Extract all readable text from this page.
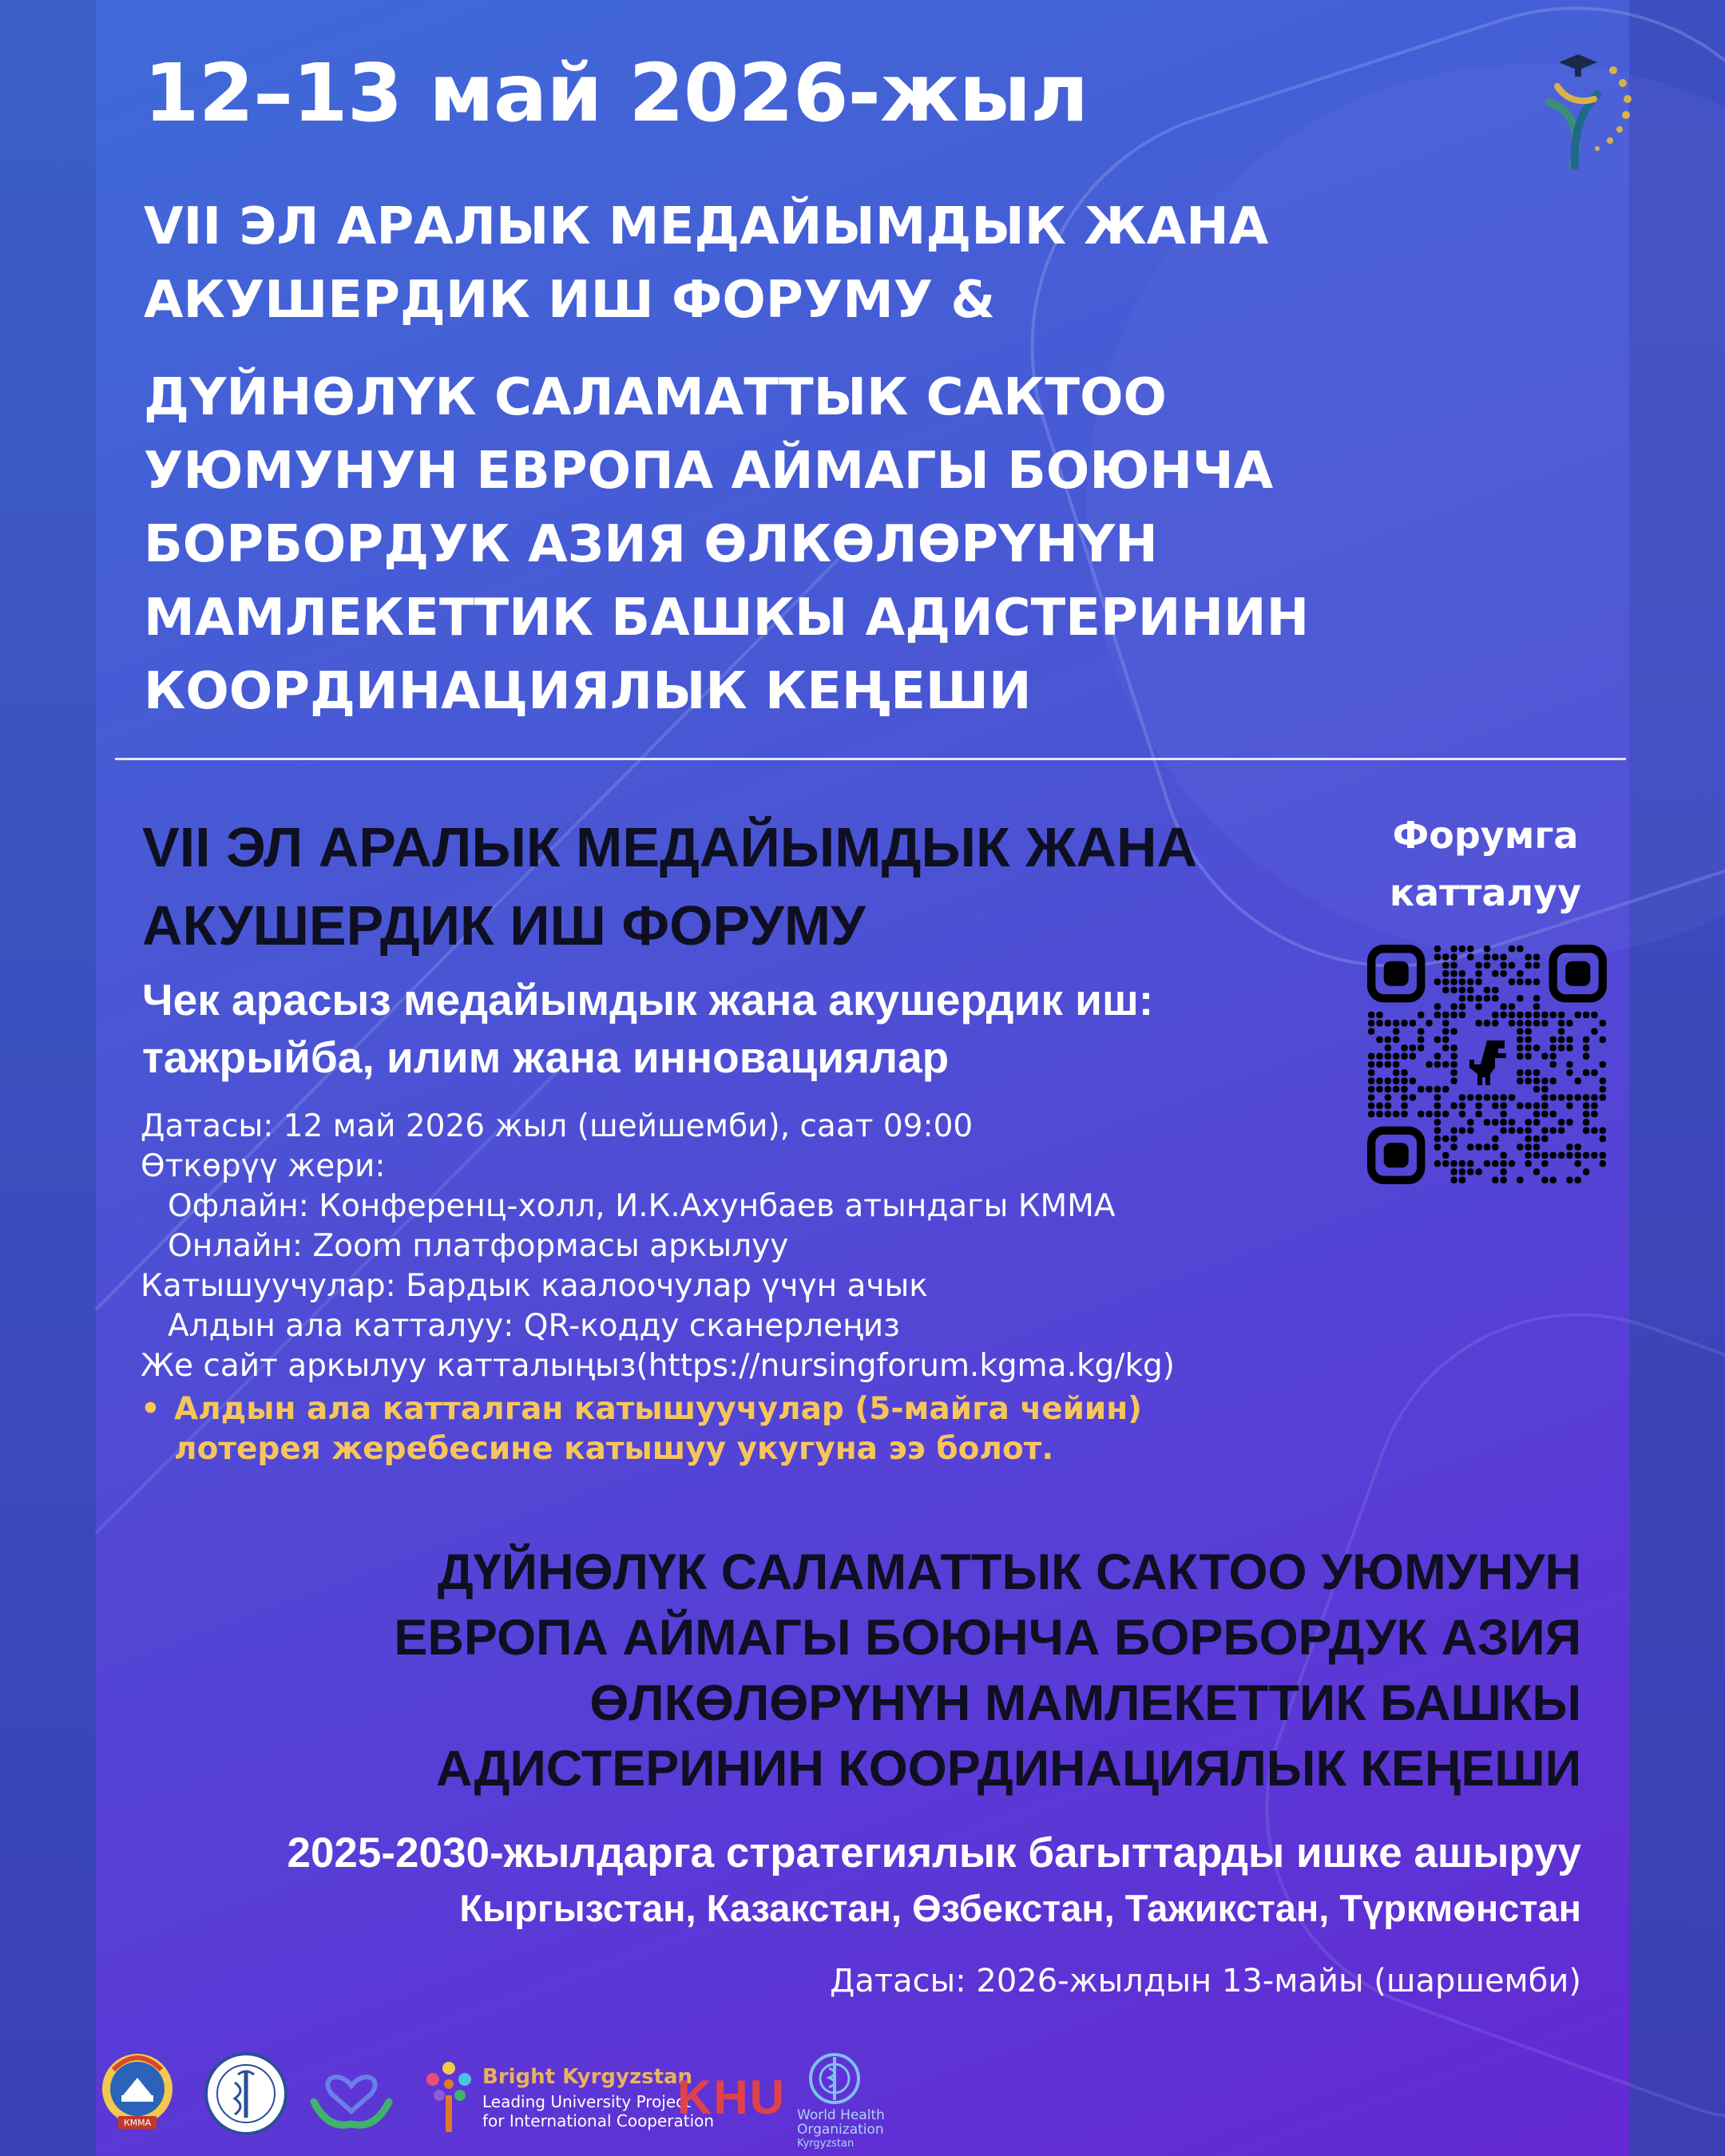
12–13 май 2026-жыл
VII ЭЛ АРАЛЫК МЕДАЙЫМДЫК ЖАНА
АКУШЕРДИК ИШ ФОРУМУ &
ДҮЙНӨЛҮК САЛАМАТТЫК САКТОО
УЮМУНУН ЕВРОПА АЙМАГЫ БОЮНЧА
БОРБОРДУК АЗИЯ ӨЛКӨЛӨРҮНҮН
МАМЛЕКЕТТИК БАШКЫ АДИСТЕРИНИН
КООРДИНАЦИЯЛЫК КЕҢЕШИ
VII ЭЛ АРАЛЫК МЕДАЙЫМДЫК ЖАНА
АКУШЕРДИК ИШ ФОРУМУ
Чек арасыз медайымдык жана акушердик иш:
тажрыйба, илим жана инновациялар
Датасы: 12 май 2026 жыл (шейшемби), саат 09:00
Өткөрүү жери:
Офлайн: Конференц-холл, И.К.Ахунбаев атындагы КММА
Онлайн: Zoom платформасы аркылуу
Катышуучулар: Бардык каалоочулар үчүн ачык
Алдын ала катталуу: QR-кодду сканерлеңиз
Же сайт аркылуу катталыңыз(https://nursingforum.kgma.kg/kg)
• Алдын ала катталган катышуучулар (5-майга чейин)
лотерея жеребесине катышуу укугуна ээ болот.
Форумга
катталуу
ДҮЙНӨЛҮК САЛАМАТТЫК САКТОО УЮМУНУН
ЕВРОПА АЙМАГЫ БОЮНЧА БОРБОРДУК АЗИЯ
ӨЛКӨЛӨРҮНҮН МАМЛЕКЕТТИК БАШКЫ
АДИСТЕРИНИН КООРДИНАЦИЯЛЫК КЕҢЕШИ
2025-2030-жылдарга стратегиялык багыттарды ишке ашыруу
Кыргызстан, Казакстан, Өзбекстан, Тажикстан, Түркмөнстан
Датасы: 2026-жылдын 13-майы (шаршемби)
КММА
Bright Kyrgyzstan
Leading University Project
for International Cooperation
KHU World Health
Organization
Kyrgyzstan
